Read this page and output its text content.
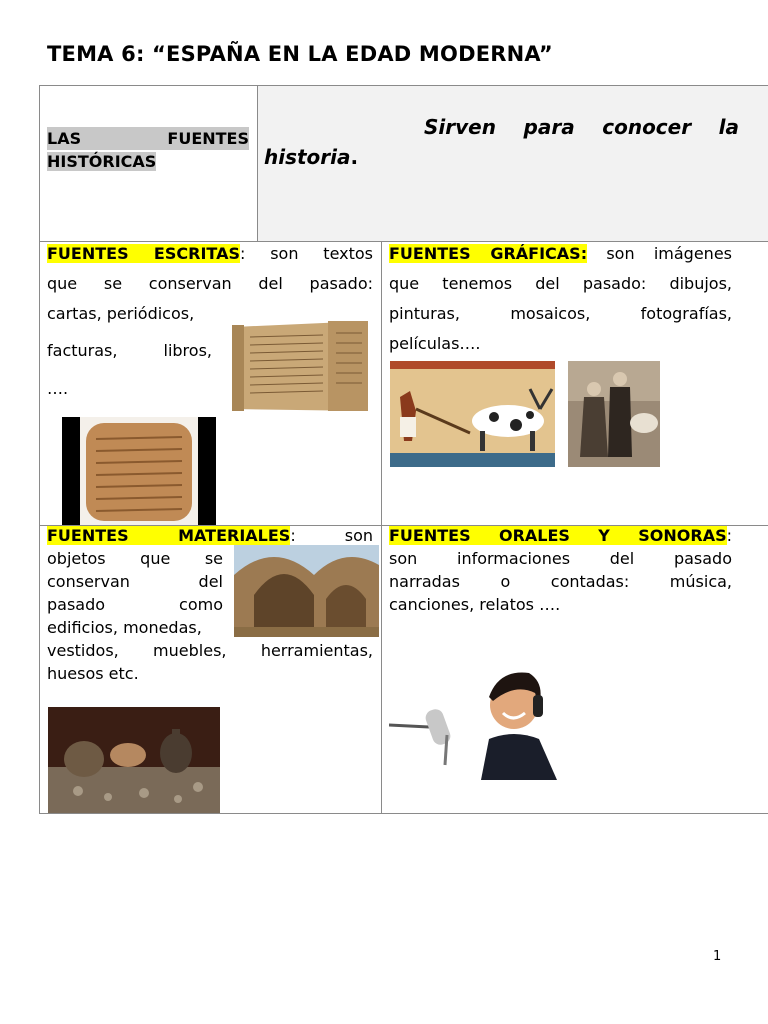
TEMA 6: “ESPAÑA EN LA EDAD MODERNA”
LAS FUENTES
HISTÓRICAS
Sirven para conocer la
historia.
FUENTES ESCRITAS: son textos
que se conservan del pasado:
cartas, periódicos,
facturas, libros,
….
FUENTES GRÁFICAS: son imágenes
que tenemos del pasado: dibujos,
pinturas, mosaicos, fotografías,
películas….
FUENTES MATERIALES: son
objetos que se
conservan del
pasado como
edificios, monedas,
vestidos, muebles, herramientas,
huesos etc.
FUENTES ORALES Y SONORAS:
son informaciones del pasado
narradas o contadas: música,
canciones, relatos ….
1
